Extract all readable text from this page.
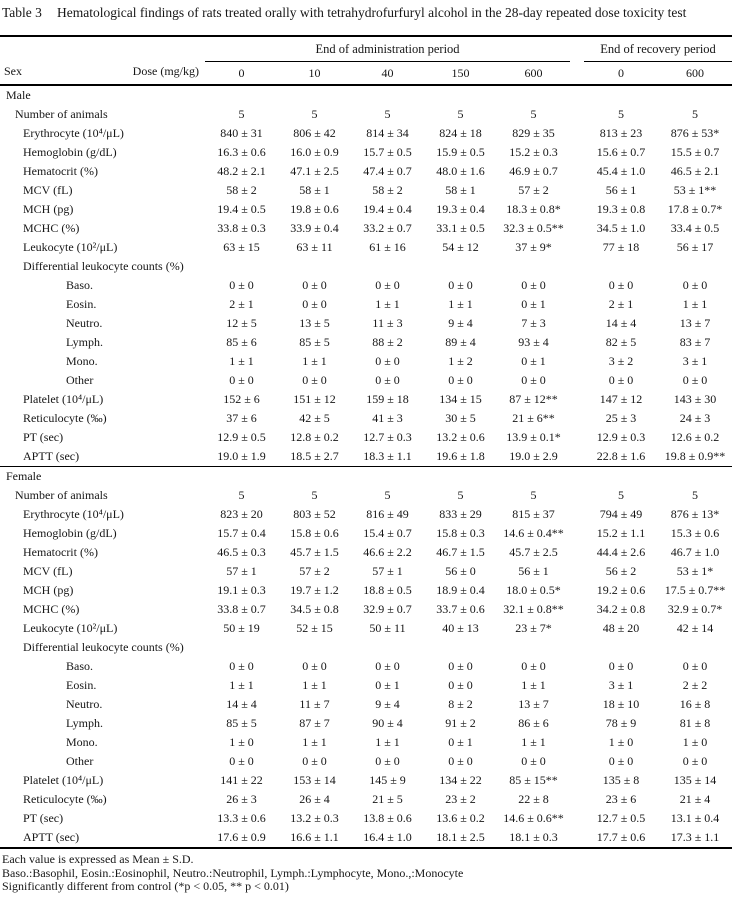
Table 3	Hematological findings of rats treated orally with tetrahydrofurfuryl alcohol in the 28-day repeated dose toxicity test
	End of administration period						End of recovery period	

Sex Dose (mg/kg)	0	10	40	150	600		0	600
Male								
Number of animals	5	5	5	5	5		5	5
Erythrocyte (10⁴/μL)	840 ± 31	806 ± 42	814 ± 34	824 ± 18	829 ± 35		813 ± 23	876 ± 53*
Hemoglobin (g/dL)	16.3 ± 0.6	16.0 ± 0.9	15.7 ± 0.5	15.9 ± 0.5	15.2 ± 0.3		15.6 ± 0.7	15.5 ± 0.7
Hematocrit (%)	48.2 ± 2.1	47.1 ± 2.5	47.4 ± 0.7	48.0 ± 1.6	46.9 ± 0.7		45.4 ± 1.0	46.5 ± 2.1
MCV (fL)	58 ± 2	58 ± 1	58 ± 2	58 ± 1	57 ± 2		56 ± 1	53 ± 1**
MCH (pg)	19.4 ± 0.5	19.8 ± 0.6	19.4 ± 0.4	19.3 ± 0.4	18.3 ± 0.8*		19.3 ± 0.8	17.8 ± 0.7*
MCHC (%)	33.8 ± 0.3	33.9 ± 0.4	33.2 ± 0.7	33.1 ± 0.5	32.3 ± 0.5**		34.5 ± 1.0	33.4 ± 0.5
Leukocyte (10²/μL)	63 ± 15	63 ± 11	61 ± 16	54 ± 12	37 ± 9*		77 ± 18	56 ± 17
Differential leukocyte counts (%)								
Baso.	0 ± 0	0 ± 0	0 ± 0	0 ± 0	0 ± 0		0 ± 0	0 ± 0
Eosin.	2 ± 1	0 ± 0	1 ± 1	1 ± 1	0 ± 1		2 ± 1	1 ± 1
Neutro.	12 ± 5	13 ± 5	11 ± 3	9 ± 4	7 ± 3		14 ± 4	13 ± 7
Lymph.	85 ± 6	85 ± 5	88 ± 2	89 ± 4	93 ± 4		82 ± 5	83 ± 7
Mono.	1 ± 1	1 ± 1	0 ± 0	1 ± 2	0 ± 1		3 ± 2	3 ± 1
Other	0 ± 0	0 ± 0	0 ± 0	0 ± 0	0 ± 0		0 ± 0	0 ± 0
Platelet (10⁴/μL)	152 ± 6	151 ± 12	159 ± 18	134 ± 15	87 ± 12**		147 ± 12	143 ± 30
Reticulocyte (‰)	37 ± 6	42 ± 5	41 ± 3	30 ± 5	21 ± 6**		25 ± 3	24 ± 3
PT (sec)	12.9 ± 0.5	12.8 ± 0.2	12.7 ± 0.3	13.2 ± 0.6	13.9 ± 0.1*		12.9 ± 0.3	12.6 ± 0.2
APTT (sec)	19.0 ± 1.9	18.5 ± 2.7	18.3 ± 1.1	19.6 ± 1.8	19.0 ± 2.9		22.8 ± 1.6	19.8 ± 0.9**
Female								
Number of animals	5	5	5	5	5		5	5
Erythrocyte (10⁴/μL)	823 ± 20	803 ± 52	816 ± 49	833 ± 29	815 ± 37		794 ± 49	876 ± 13*
Hemoglobin (g/dL)	15.7 ± 0.4	15.8 ± 0.6	15.4 ± 0.7	15.8 ± 0.3	14.6 ± 0.4**		15.2 ± 1.1	15.3 ± 0.6
Hematocrit (%)	46.5 ± 0.3	45.7 ± 1.5	46.6 ± 2.2	46.7 ± 1.5	45.7 ± 2.5		44.4 ± 2.6	46.7 ± 1.0
MCV (fL)	57 ± 1	57 ± 2	57 ± 1	56 ± 0	56 ± 1		56 ± 2	53 ± 1*
MCH (pg)	19.1 ± 0.3	19.7 ± 1.2	18.8 ± 0.5	18.9 ± 0.4	18.0 ± 0.5*		19.2 ± 0.6	17.5 ± 0.7**
MCHC (%)	33.8 ± 0.7	34.5 ± 0.8	32.9 ± 0.7	33.7 ± 0.6	32.1 ± 0.8**		34.2 ± 0.8	32.9 ± 0.7*
Leukocyte (10²/μL)	50 ± 19	52 ± 15	50 ± 11	40 ± 13	23 ± 7*		48 ± 20	42 ± 14
Differential leukocyte counts (%)								
Baso.	0 ± 0	0 ± 0	0 ± 0	0 ± 0	0 ± 0		0 ± 0	0 ± 0
Eosin.	1 ± 1	1 ± 1	0 ± 1	0 ± 0	1 ± 1		3 ± 1	2 ± 2
Neutro.	14 ± 4	11 ± 7	9 ± 4	8 ± 2	13 ± 7		18 ± 10	16 ± 8
Lymph.	85 ± 5	87 ± 7	90 ± 4	91 ± 2	86 ± 6		78 ± 9	81 ± 8
Mono.	1 ± 0	1 ± 1	1 ± 1	0 ± 1	1 ± 1		1 ± 0	1 ± 0
Other	0 ± 0	0 ± 0	0 ± 0	0 ± 0	0 ± 0		0 ± 0	0 ± 0
Platelet (10⁴/μL)	141 ± 22	153 ± 14	145 ± 9	134 ± 22	85 ± 15**		135 ± 8	135 ± 14
Reticulocyte (‰)	26 ± 3	26 ± 4	21 ± 5	23 ± 2	22 ± 8		23 ± 6	21 ± 4
PT (sec)	13.3 ± 0.6	13.2 ± 0.3	13.8 ± 0.6	13.6 ± 0.2	14.6 ± 0.6**		12.7 ± 0.5	13.1 ± 0.4
APTT (sec)	17.6 ± 0.9	16.6 ± 1.1	16.4 ± 1.0	18.1 ± 2.5	18.1 ± 0.3		17.7 ± 0.6	17.3 ± 1.1
Each value is expressed as Mean ± S.D.
Baso.:Basophil, Eosin.:Eosinophil, Neutro.:Neutrophil, Lymph.:Lymphocyte, Mono.,:Monocyte
Significantly different from control (*p < 0.05, ** p < 0.01)
